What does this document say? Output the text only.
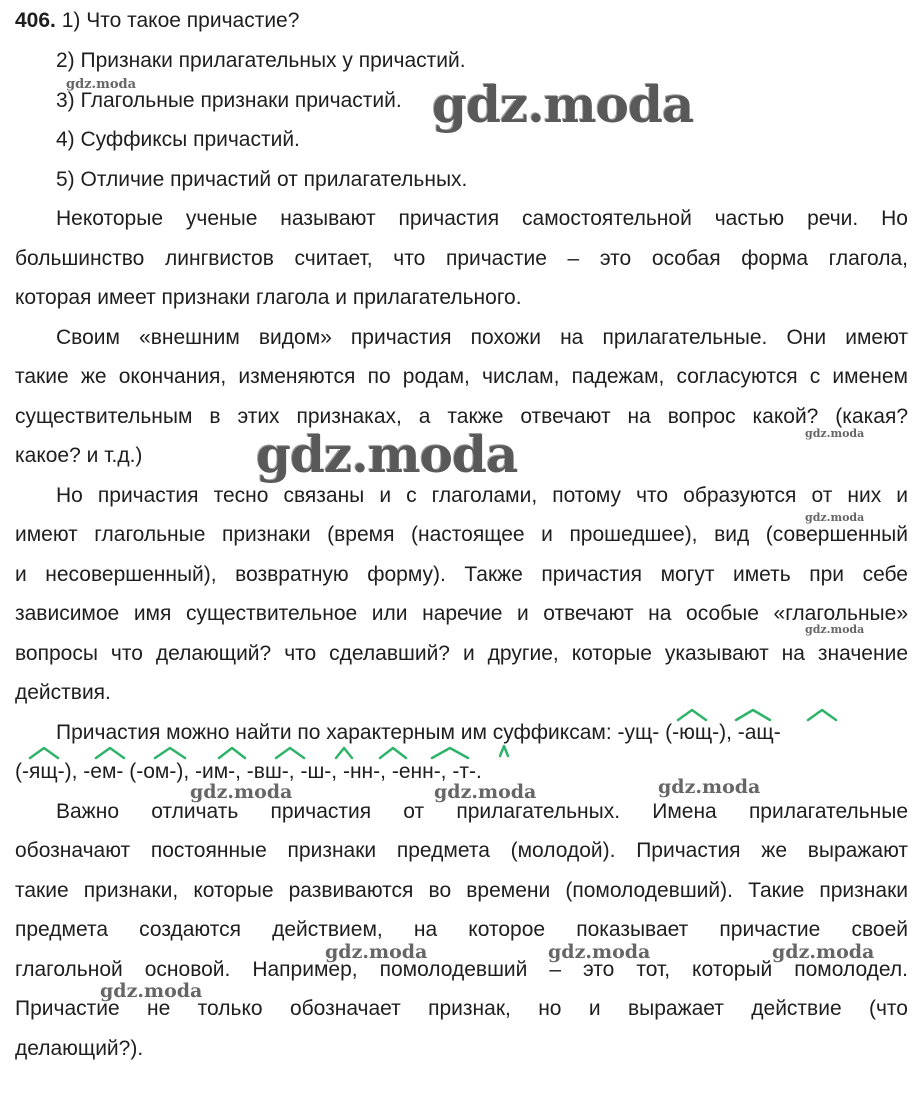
406. 1) Что такое причастие?
2) Признаки прилагательных у причастий.
3) Глагольные признаки причастий.
4) Суффиксы причастий.
5) Отличие причастий от прилагательных.
Некоторые ученые называют причастия самостоятельной частью речи. Но
большинство лингвистов считает, что причастие – это особая форма глагола,
которая имеет признаки глагола и прилагательного.
Своим «внешним видом» причастия похожи на прилагательные. Они имеют
такие же окончания, изменяются по родам, числам, падежам, согласуются с именем
существительным в этих признаках, а также отвечают на вопрос какой? (какая?
какое? и т.д.)
Но причастия тесно связаны и с глаголами, потому что образуются от них и
имеют глагольные признаки (время (настоящее и прошедшее), вид (совершенный
и несовершенный), возвратную форму). Также причастия могут иметь при себе
зависимое имя существительное или наречие и отвечают на особые «глагольные»
вопросы что делающий? что сделавший? и другие, которые указывают на значение
действия.
Причастия можно найти по характерным им суффиксам: -ущ- (-ющ-), -ащ-
(-ящ-), -ем- (-ом-), -им-, -вш-, -ш-, -нн-, -енн-, -т-.
Важно отличать причастия от прилагательных. Имена прилагательные
обозначают постоянные признаки предмета (молодой). Причастия же выражают
такие признаки, которые развиваются во времени (помолодевший). Такие признаки
предмета создаются действием, на которое показывает причастие своей
глагольной основой. Например, помолодевший – это тот, который помолодел.
Причастие не только обозначает признак, но и выражает действие (что
делающий?).
gdz.moda
gdz.moda
gdz.moda
gdz.moda
gdz.moda
gdz.moda
gdz.moda
gdz.moda	gdz.moda
gdz.moda	gdz.moda	gdz.moda
gdz.moda
